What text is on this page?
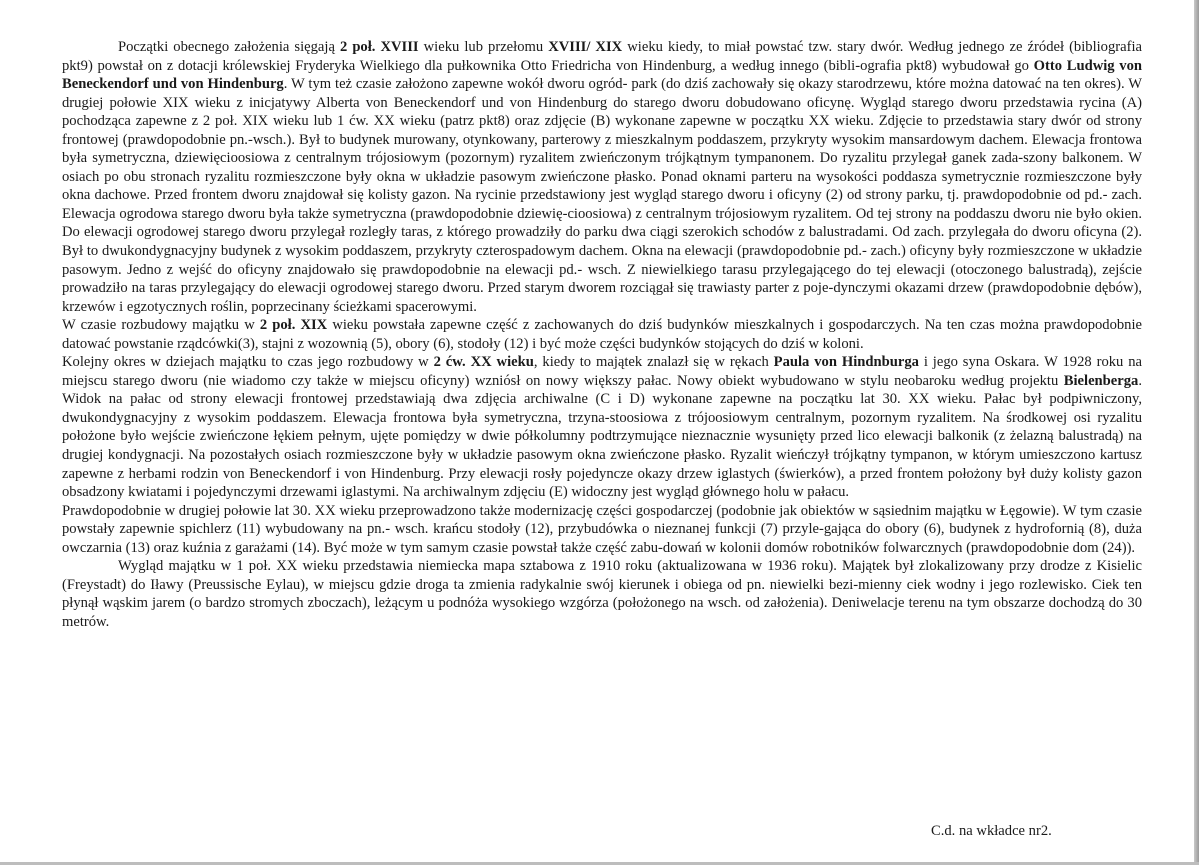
Początki obecnego założenia sięgają 2 poł. XVIII wieku lub przełomu XVIII/ XIX wieku kiedy, to miał powstać tzw. stary dwór. Według jednego ze źródeł (bibliografia pkt9) powstał on z dotacji królewskiej Fryderyka Wielkiego dla pułkownika Otto Friedricha von Hindenburg, a według innego (bibli-ografia pkt8) wybudował go Otto Ludwig von Beneckendorf und von Hindenburg. W tym też czasie założono zapewne wokół dworu ogród- park (do dziś zachowały się okazy starodrzewu, które można datować na ten okres). W drugiej połowie XIX wieku z inicjatywy Alberta von Beneckendorf und von Hindenburg do starego dworu dobudowano oficynę. Wygląd starego dworu przedstawia rycina (A) pochodząca zapewne z 2 poł. XIX wieku lub 1 ćw. XX wieku (patrz pkt8) oraz zdjęcie (B) wykonane zapewne w początku XX wieku. Zdjęcie to przedstawia stary dwór od strony frontowej (prawdopodobnie pn.-wsch.). Był to budynek murowany, otynkowany, parterowy z mieszkalnym poddaszem, przykryty wysokim mansardowym dachem. Elewacja frontowa była symetryczna, dziewięcioosiowa z centralnym trójosiowym (pozornym) ryzalitem zwieńczonym trójkątnym tympanonem. Do ryzalitu przylegał ganek zada-szony balkonem. W osiach po obu stronach ryzalitu rozmieszczone były okna w układzie pasowym zwieńczone płasko. Ponad oknami parteru na wysokości poddasza symetrycznie rozmieszczone były okna dachowe. Przed frontem dworu znajdował się kolisty gazon. Na rycinie przedstawiony jest wygląd starego dworu i oficyny (2) od strony parku, tj. prawdopodobnie od pd.- zach. Elewacja ogrodowa starego dworu była także symetryczna (prawdopodobnie dziewię-cioosiowa) z centralnym trójosiowym ryzalitem. Od tej strony na poddaszu dworu nie było okien. Do elewacji ogrodowej starego dworu przylegał rozległy taras, z którego prowadziły do parku dwa ciągi szerokich schodów z balustradami. Od zach. przylegała do dworu oficyna (2). Był to dwukondygnacyjny budynek z wysokim poddaszem, przykryty czterospadowym dachem. Okna na elewacji (prawdopodobnie pd.- zach.) oficyny były rozmieszczone w układzie pasowym. Jedno z wejść do oficyny znajdowało się prawdopodobnie na elewacji pd.- wsch. Z niewielkiego tarasu przylegającego do tej elewacji (otoczonego balustradą), zejście prowadziło na taras przylegający do elewacji ogrodowej starego dworu. Przed starym dworem rozciągał się trawiasty parter z poje-dynczymi okazami drzew (prawdopodobnie dębów), krzewów i egzotycznych roślin, poprzecinany ścieżkami spacerowymi.

W czasie rozbudowy majątku w 2 poł. XIX wieku powstała zapewne część z zachowanych do dziś budynków mieszkalnych i gospodarczych. Na ten czas można prawdopodobnie datować powstanie rządcówki(3), stajni z wozownią (5), obory (6), stodoły (12) i być może części budynków stojących do dziś w koloni.

Kolejny okres w dziejach majątku to czas jego rozbudowy w 2 ćw. XX wieku, kiedy to majątek znalazł się w rękach Paula von Hindnburga i jego syna Oskara. W 1928 roku na miejscu starego dworu (nie wiadomo czy także w miejscu oficyny) wzniósł on nowy większy pałac. Nowy obiekt wybudowano w stylu neobaroku według projektu Bielenberga. Widok na pałac od strony elewacji frontowej przedstawiają dwa zdjęcia archiwalne (C i D) wykonane zapewne na początku lat 30. XX wieku. Pałac był podpiwniczony, dwukondygnacyjny z wysokim poddaszem. Elewacja frontowa była symetryczna, trzyna-stoosiowa z trójoosiowym centralnym, pozornym ryzalitem. Na środkowej osi ryzalitu położone było wejście zwieńczone łękiem pełnym, ujęte pomiędzy w dwie półkolumny podtrzymujące nieznacznie wysunięty przed lico elewacji balkonik (z żelazną balustradą) na drugiej kondygnacji. Na pozostałych osiach rozmieszczone były w układzie pasowym okna zwieńczone płasko. Ryzalit wieńczył trójkątny tympanon, w którym umieszczono kartusz zapewne z herbami rodzin von Beneckendorf i von Hindenburg. Przy elewacji rosły pojedyncze okazy drzew iglastych (świerków), a przed frontem położony był duży kolisty gazon obsadzony kwiatami i pojedynczymi drzewami iglastymi. Na archiwalnym zdjęciu (E) widoczny jest wygląd głównego holu w pałacu.

Prawdopodobnie w drugiej połowie lat 30. XX wieku przeprowadzono także modernizację części gospodarczej (podobnie jak obiektów w sąsiednim majątku w Łęgowie). W tym czasie powstały zapewnie spichlerz (11) wybudowany na pn.- wsch. krańcu stodoły (12), przybudówka o nieznanej funkcji (7) przyle-gająca do obory (6), budynek z hydrofornią (8), duża owczarnia (13) oraz kuźnia z garażami (14). Być może w tym samym czasie powstał także część zabu-dowań w kolonii domów robotników folwarcznych (prawdopodobnie dom (24)).

Wygląd majątku w 1 poł. XX wieku przedstawia niemiecka mapa sztabowa z 1910 roku (aktualizowana w 1936 roku). Majątek był zlokalizowany przy drodze z Kisielic (Freystadt) do Iławy (Preussische Eylau), w miejscu gdzie droga ta zmienia radykalnie swój kierunek i obiega od pn. niewielki bezi-mienny ciek wodny i jego rozlewisko. Ciek ten płynął wąskim jarem (o bardzo stromych zboczach), leżącym u podnóża wysokiego wzgórza (położonego na wsch. od założenia). Deniwelacje terenu na tym obszarze dochodzą do 30 metrów.

C.d. na wkładce nr2.
